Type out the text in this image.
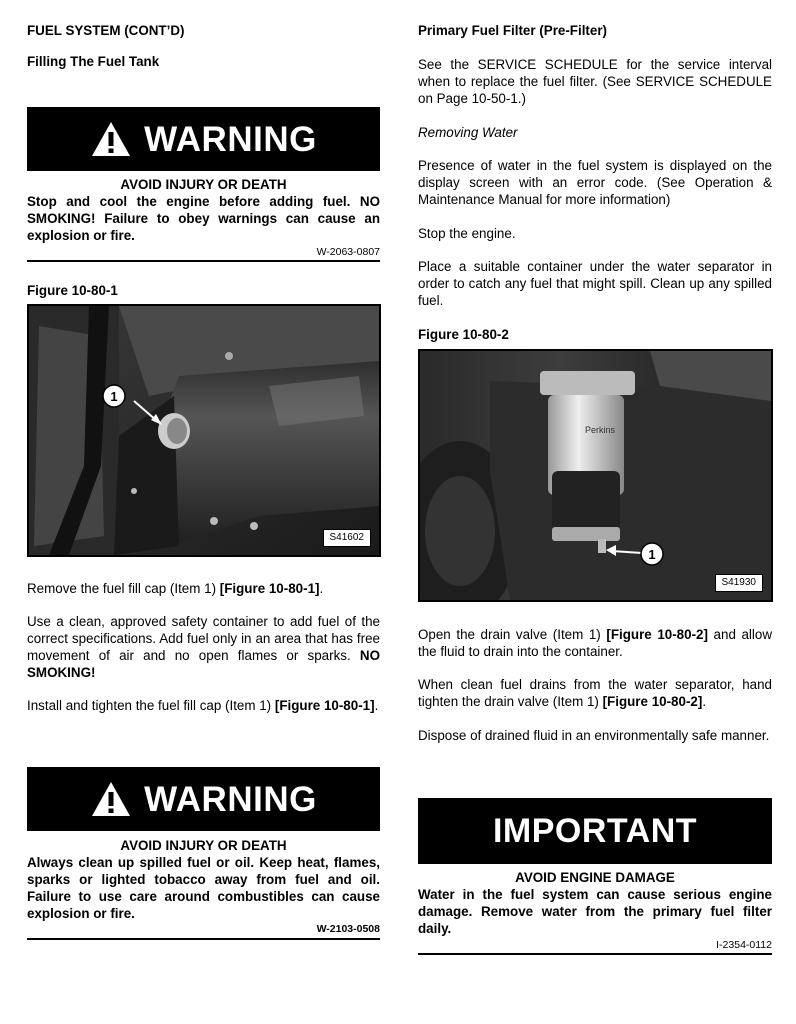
FUEL SYSTEM (CONT’D)
Filling The Fuel Tank
WARNING
AVOID INJURY OR DEATH
Stop and cool the engine before adding fuel. NO SMOKING! Failure to obey warnings can cause an explosion or fire.
W-2063-0807
Figure 10-80-1
1
S41602

Remove the fuel fill cap (Item 1) [Figure 10-80-1].

Use a clean, approved safety container to add fuel of the correct specifications. Add fuel only in an area that has free movement of air and no open flames or sparks. NO SMOKING!

Install and tighten the fuel fill cap (Item 1) [Figure 10-80-1].

WARNING
AVOID INJURY OR DEATH
Always clean up spilled fuel or oil. Keep heat, flames, sparks or lighted tobacco away from fuel and oil. Failure to use care around combustibles can cause explosion or fire.
W-2103-0508
Primary Fuel Filter (Pre-Filter)

See the SERVICE SCHEDULE for the service interval when to replace the fuel filter. (See SERVICE SCHEDULE on Page 10-50-1.)

Removing Water

Presence of water in the fuel system is displayed on the display screen with an error code. (See Operation & Maintenance Manual for more information)

Stop the engine.

Place a suitable container under the water separator in order to catch any fuel that might spill. Clean up any spilled fuel.

Figure 10-80-2
Perkins
1
S41930

Open the drain valve (Item 1) [Figure 10-80-2] and allow the fluid to drain into the container.

When clean fuel drains from the water separator, hand tighten the drain valve (Item 1) [Figure 10-80-2].

Dispose of drained fluid in an environmentally safe manner.

IMPORTANT
AVOID ENGINE DAMAGE
Water in the fuel system can cause serious engine damage. Remove water from the primary fuel filter daily.
I-2354-0112
